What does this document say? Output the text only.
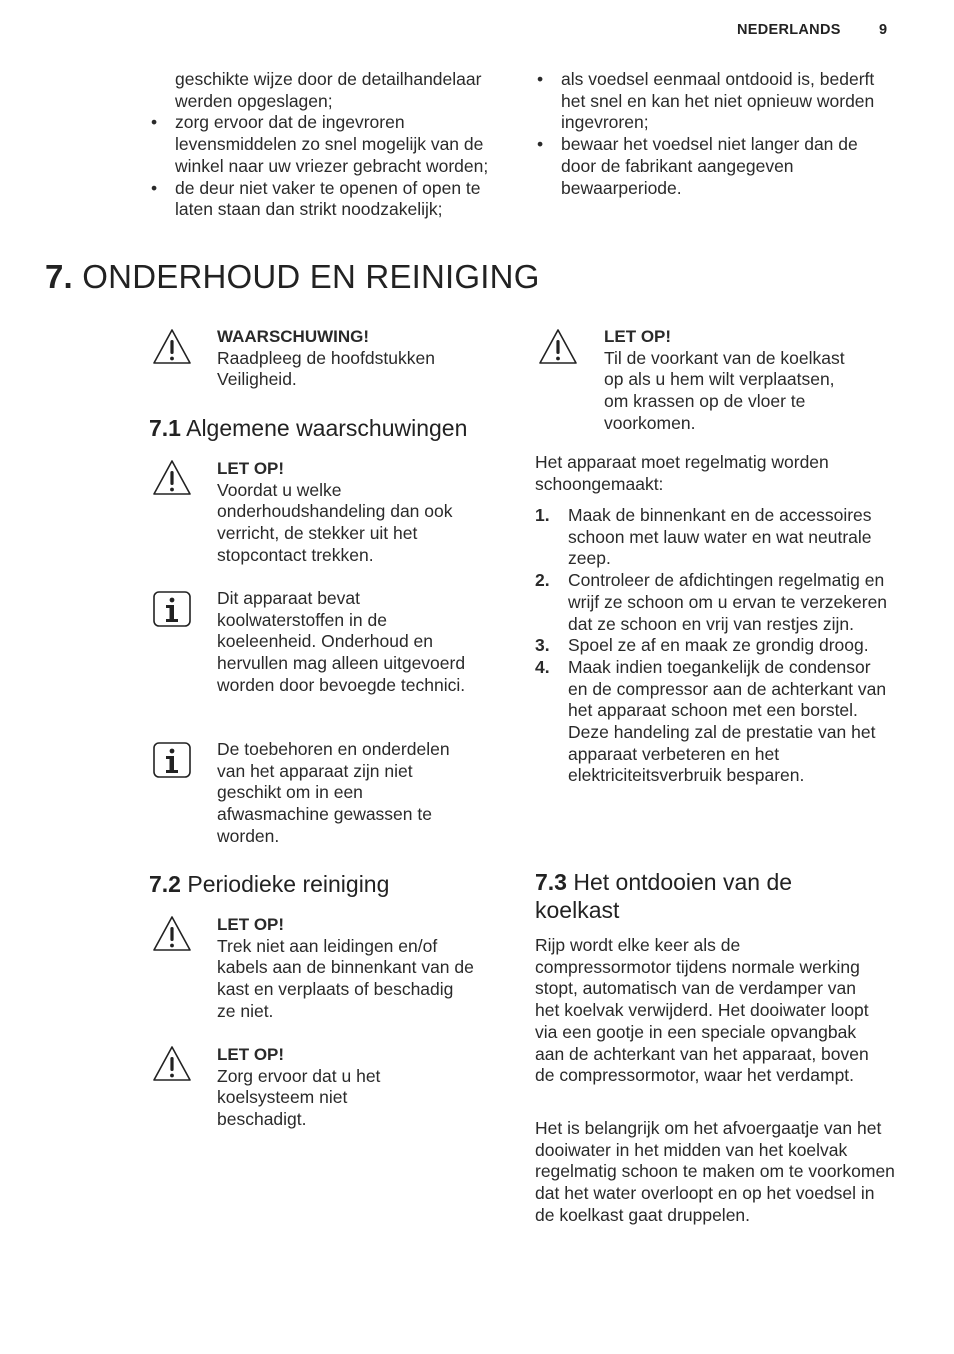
NEDERLANDS	9
geschikte wijze door de detailhandelaar werden opgeslagen;
• zorg ervoor dat de ingevroren levensmiddelen zo snel mogelijk van de winkel naar uw vriezer gebracht worden;
• de deur niet vaker te openen of open te laten staan dan strikt noodzakelijk;
• als voedsel eenmaal ontdooid is, bederft het snel en kan het niet opnieuw worden ingevroren;
• bewaar het voedsel niet langer dan de door de fabrikant aangegeven bewaarperiode.
7. ONDERHOUD EN REINIGING
WAARSCHUWING!
Raadpleeg de hoofdstukken Veiligheid.
7.1 Algemene waarschuwingen
LET OP!
Voordat u welke onderhoudshandeling dan ook verricht, de stekker uit het stopcontact trekken.
Dit apparaat bevat koolwaterstoffen in de koeleenheid. Onderhoud en hervullen mag alleen uitgevoerd worden door bevoegde technici.
De toebehoren en onderdelen van het apparaat zijn niet geschikt om in een afwasmachine gewassen te worden.
7.2 Periodieke reiniging
LET OP!
Trek niet aan leidingen en/of kabels aan de binnenkant van de kast en verplaats of beschadig ze niet.
LET OP!
Zorg ervoor dat u het koelsysteem niet beschadigt.
LET OP!
Til de voorkant van de koelkast op als u hem wilt verplaatsen, om krassen op de vloer te voorkomen.
Het apparaat moet regelmatig worden schoongemaakt:
1. Maak de binnenkant en de accessoires schoon met lauw water en wat neutrale zeep.
2. Controleer de afdichtingen regelmatig en wrijf ze schoon om u ervan te verzekeren dat ze schoon en vrij van restjes zijn.
3. Spoel ze af en maak ze grondig droog.
4. Maak indien toegankelijk de condensor en de compressor aan de achterkant van het apparaat schoon met een borstel.
Deze handeling zal de prestatie van het apparaat verbeteren en het elektriciteitsverbruik besparen.
7.3 Het ontdooien van de koelkast
Rijp wordt elke keer als de compressormotor tijdens normale werking stopt, automatisch van de verdamper van het koelvak verwijderd. Het dooiwater loopt via een gootje in een speciale opvangbak aan de achterkant van het apparaat, boven de compressormotor, waar het verdampt.
Het is belangrijk om het afvoergaatje van het dooiwater in het midden van het koelvak regelmatig schoon te maken om te voorkomen dat het water overloopt en op het voedsel in de koelkast gaat druppelen.
